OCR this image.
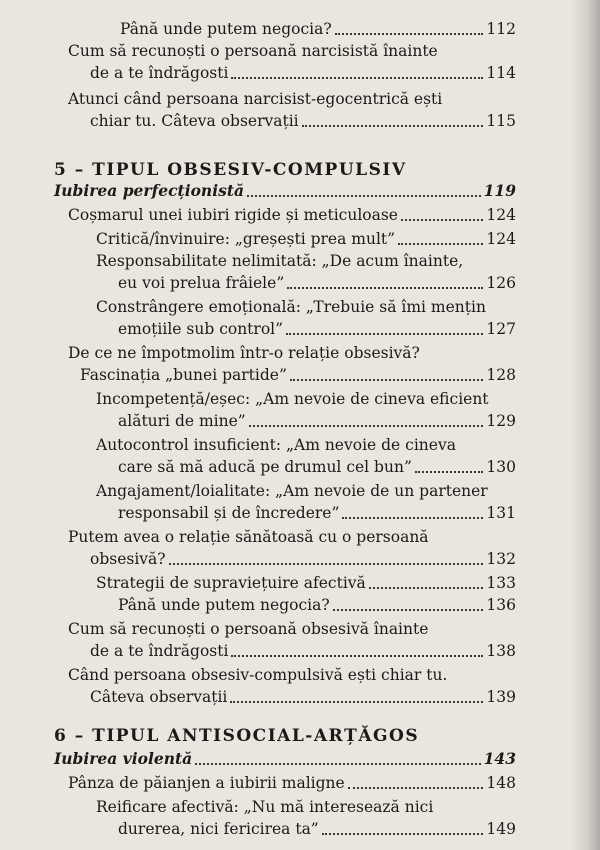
Până unde putem negocia?	112
Cum să recunoști o persoană narcisistă înainte
de a te îndrăgosti	114
Atunci când persoana narcisist-egocentrică ești
chiar tu. Câteva observații	115
5 – TIPUL OBSESIV-COMPULSIV
Iubirea perfecționistă	119
Coșmarul unei iubiri rigide și meticuloase	124
Critică/învinuire: „greșești prea mult”	124
Responsabilitate nelimitată: „De acum înainte,
eu voi prelua frâiele”	126
Constrângere emoțională: „Trebuie să îmi mențin
emoțiile sub control”	127
De ce ne împotmolim într-o relație obsesivă?
Fascinația „bunei partide”	128
Incompetență/eșec: „Am nevoie de cineva eficient
alături de mine”	129
Autocontrol insuficient: „Am nevoie de cineva
care să mă aducă pe drumul cel bun”	130
Angajament/loialitate: „Am nevoie de un partener
responsabil și de încredere”	131
Putem avea o relație sănătoasă cu o persoană
obsesivă?	132
Strategii de supraviețuire afectivă	133
Până unde putem negocia?	136
Cum să recunoști o persoană obsesivă înainte
de a te îndrăgosti	138
Când persoana obsesiv-compulsivă ești chiar tu.
Câteva observații	139
6 – TIPUL ANTISOCIAL-ARȚĂGOS
Iubirea violentă	143
Pânza de păianjen a iubirii maligne	148
Reificare afectivă: „Nu mă interesează nici
durerea, nici fericirea ta”	149
